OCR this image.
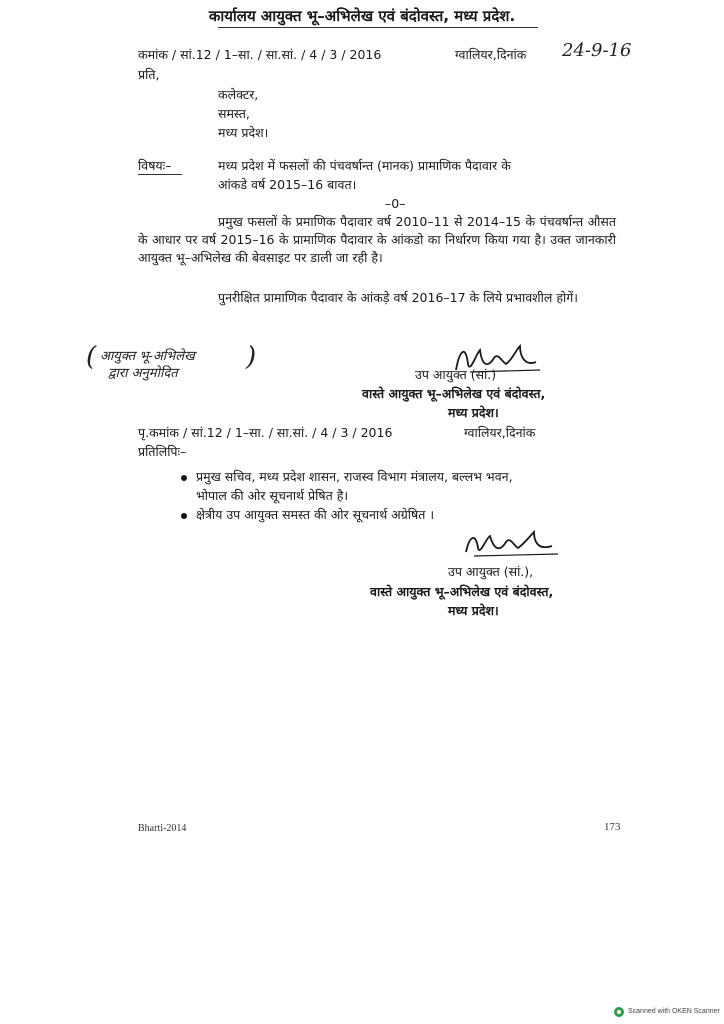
कार्यालय आयुक्त भू–अभिलेख एवं बंदोवस्त, मध्य प्रदेश.
कमांक / सां.12 / 1–सा. / सा.सां. / 4 / 3 / 2016	ग्वालियर,दिनांक 24-9-16
प्रति,
कलेक्टर,
समस्त,
मध्य प्रदेश।
विषयः–	मध्य प्रदेश में फसलों की पंचवर्षान्त (मानक) प्रामाणिक पैदावार के
आंकडे वर्ष 2015–16 बावत।
–0–
प्रमुख फसलों के प्रमाणिक पैदावार वर्ष 2010–11 से 2014–15 के पंचवर्षान्त औसत के आधार पर वर्ष 2015–16 के प्रामाणिक पैदावार के आंकडो का निर्धारण किया गया है। उक्त जानकारी आयुक्त भू–अभिलेख की बेवसाइट पर डाली जा रही है।
पुनरीक्षित प्रामाणिक पैदावार के आंकड़े वर्ष 2016–17 के लिये प्रभावशील होगें।
( आयुक्त भू-अभिलेख
द्वारा अनुमोदित
)
उप आयुक्त (सां.)
वास्ते आयुक्त भू–अभिलेख एवं बंदोवस्त,
मध्य प्रदेश।
पृ.कमांक / सां.12 / 1–सा. / सा.सां. / 4 / 3 / 2016	ग्वालियर,दिनांक
प्रतिलिपिः–
प्रमुख सचिव, मध्य प्रदेश शासन, राजस्व विभाग मंत्रालय, बल्लभ भवन,
भोपाल की ओर सूचनार्थ प्रेषित है।
क्षेत्रीय उप आयुक्त समस्त की ओर सूचनार्थ अग्रेषित ।
उप आयुक्त (सां.),
वास्ते आयुक्त भू–अभिलेख एवं बंदोवस्त,
मध्य प्रदेश।
Bharti-2014	173
Scanned with OKEN Scanner
